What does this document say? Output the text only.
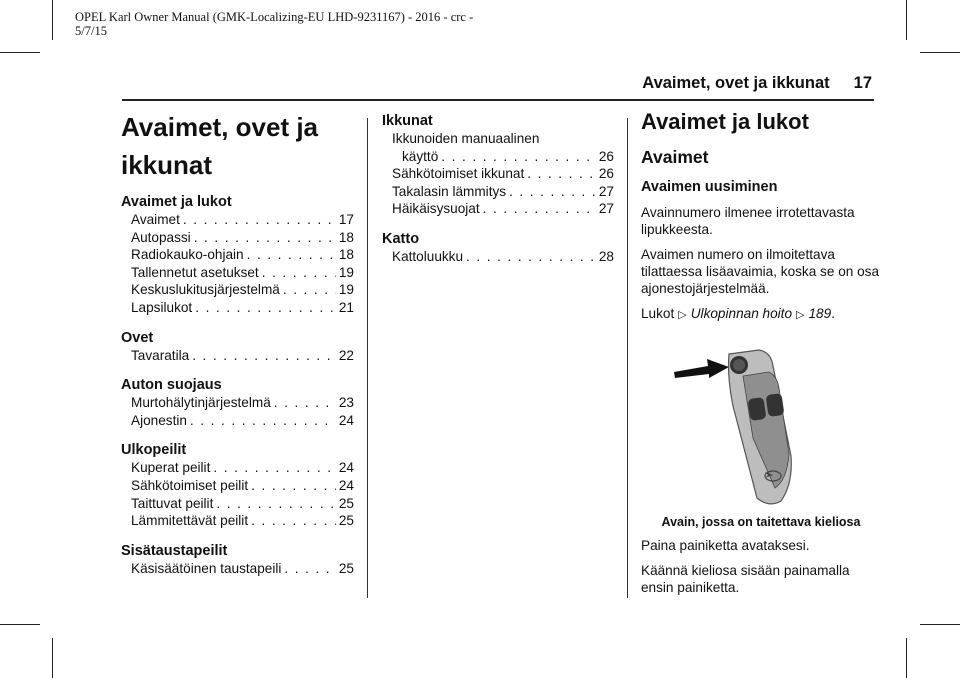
OPEL Karl Owner Manual (GMK-Localizing-EU LHD-9231167) - 2016 - crc -
5/7/15
Avaimet, ovet ja ikkunat 17
Avaimet, ovet ja
ikkunat
Avaimet ja lukot
Avaimet . . .	17
Autopassi . . .	18
Radiokauko-ohjain . . .	18
Tallennetut asetukset . . .	19
Keskuslukitusjärjestelmä . . .	19
Lapsilukot . . .	21
Ovet
Tavaratila . . .	22
Auton suojaus
Murtohälytinjärjestelmä . . .	23
Ajonestin . . .	24
Ulkopeilit
Kuperat peilit . . .	24
Sähkötoimiset peilit . . .	24
Taittuvat peilit . . .	25
Lämmitettävät peilit . . .	25
Sisätaustapeilit
Käsisäätöinen taustapeili . . .	25
Ikkunat
Ikkunoiden manuaalinen
käyttö . . .	26
Sähkötoimiset ikkunat . . .	26
Takalasin lämmitys . . .	27
Häikäisysuojat . . .	27
Katto
Kattoluukku . . .	28
Avaimet ja lukot
Avaimet
Avaimen uusiminen
Avainnumero ilmenee irrotettavasta lipukkeesta.
Avaimen numero on ilmoitettava tilattaessa lisäavaimia, koska se on osa ajonestojärjestelmää.
Lukot ▷ Ulkopinnan hoito ▷ 189.
Avain, jossa on taitettava kieliosa
Paina painiketta avataksesi.
Käännä kieliosa sisään painamalla ensin painiketta.
